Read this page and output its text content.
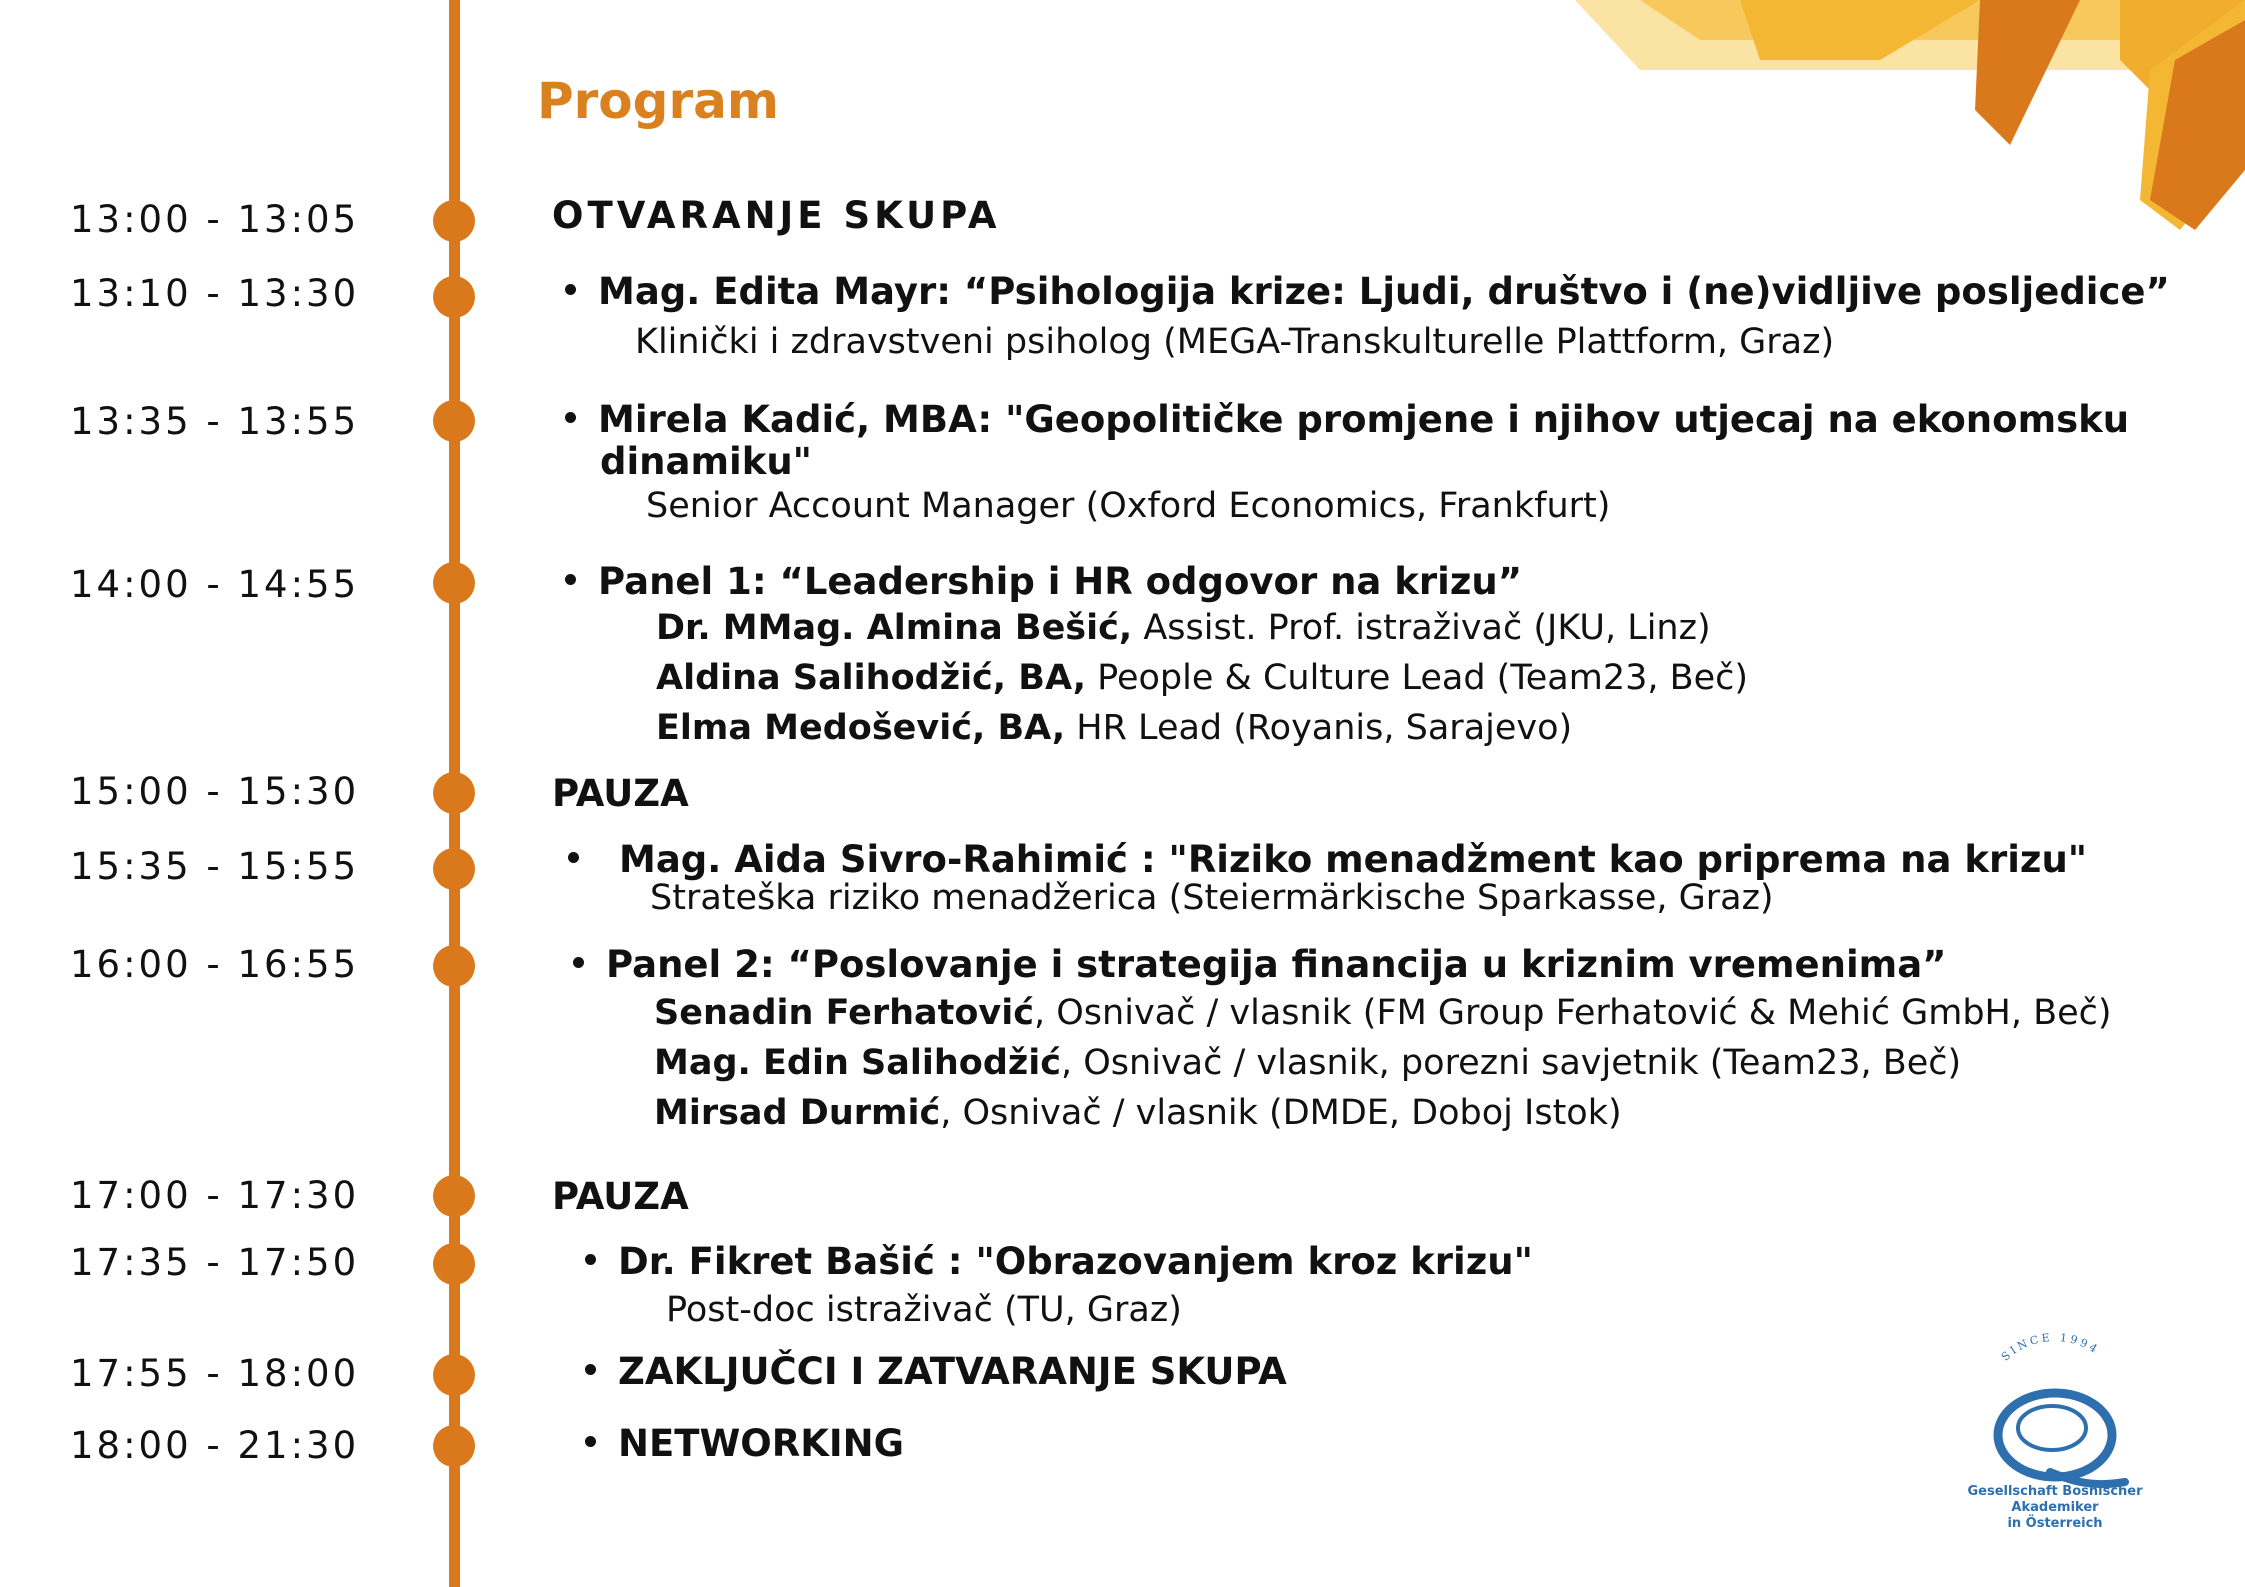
Program
13:00 - 13:05	OTVARANJE SKUPA
13:10 - 13:30	Mag. Edita Mayr: “Psihologija krize: Ljudi, društvo i (ne)vidljive posljedice”
Klinički i zdravstveni psiholog (MEGA-Transkulturelle Plattform, Graz)
13:35 - 13:55	Mirela Kadić, MBA: "Geopolitičke promjene i njihov utjecaj na ekonomsku
dinamiku"
Senior Account Manager (Oxford Economics, Frankfurt)
14:00 - 14:55	Panel 1: “Leadership i HR odgovor na krizu”
Dr. MMag. Almina Bešić, Assist. Prof. istraživač (JKU, Linz)
Aldina Salihodžić, BA, People & Culture Lead (Team23, Beč)
Elma Medošević, BA, HR Lead (Royanis, Sarajevo)
15:00 - 15:30	PAUZA
15:35 - 15:55	Mag. Aida Sivro-Rahimić : "Riziko menadžment kao priprema na krizu"
Strateška riziko menadžerica (Steiermärkische Sparkasse, Graz)
16:00 - 16:55	Panel 2: “Poslovanje i strategija financija u kriznim vremenima”
Senadin Ferhatović, Osnivač / vlasnik (FM Group Ferhatović & Mehić GmbH, Beč)
Mag. Edin Salihodžić, Osnivač / vlasnik, porezni savjetnik (Team23, Beč)
Mirsad Durmić, Osnivač / vlasnik (DMDE, Doboj Istok)
17:00 - 17:30	PAUZA
17:35 - 17:50	Dr. Fikret Bašić : "Obrazovanjem kroz krizu"
Post-doc istraživač (TU, Graz)
17:55 - 18:00	ZAKLJUČCI I ZATVARANJE SKUPA
18:00 - 21:30	NETWORKING
SINCE 1994
Gesellschaft Bosnischer Akademiker
in Österreich
